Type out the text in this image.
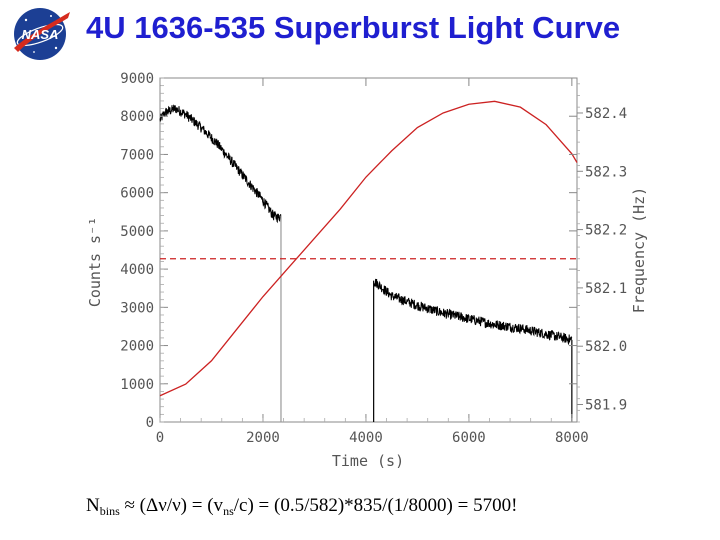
NASA 4U 1636-535 Superburst Light Curve
0
1000
2000
3000
4000
5000
6000
7000
8000
9000
581.9
582.0
582.1
582.2
582.3
582.4
0	2000	4000	6000	8000
Time (s)
Counts s⁻¹	Frequency (Hz)
$N_{bins} \approx (\Delta\nu/\nu) = (v_{ns}/c) = (0.5/582)*835/(1/8000) = 5700$!
